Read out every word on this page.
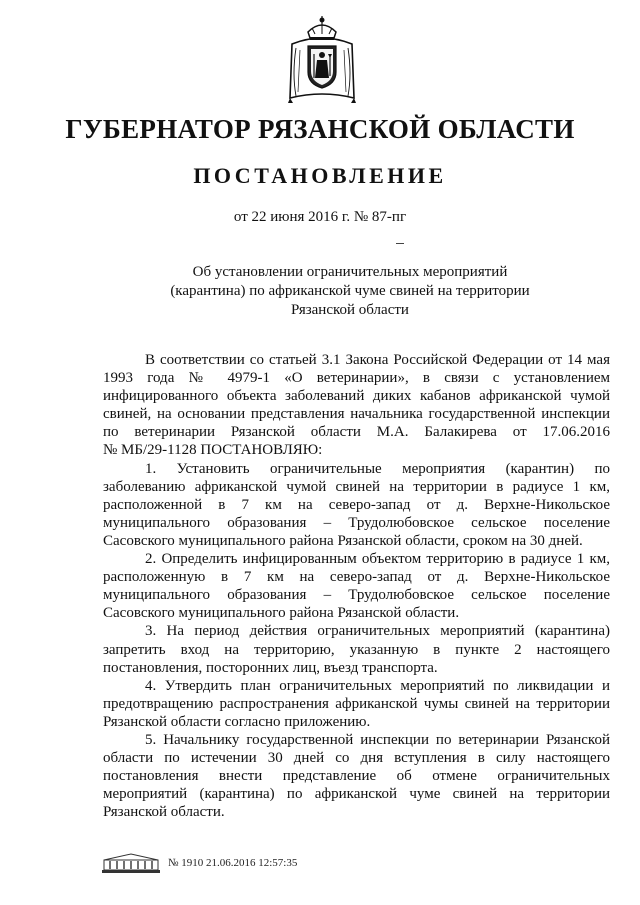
ГУБЕРНАТОР РЯЗАНСКОЙ ОБЛАСТИ
ПОСТАНОВЛЕНИЕ
от 22 июня 2016 г. № 87-пг
Об установлении ограничительных мероприятий
(карантина) по африканской чуме свиней на территории
Рязанской области
В соответствии со статьей 3.1 Закона Российской Федерации от 14 мая
1993 года № 4979-1 «О ветеринарии», в связи с установлением
инфицированного объекта заболеваний диких кабанов африканской чумой
свиней, на основании представления начальника государственной инспекции
по ветеринарии Рязанской области М.А. Балакирева от 17.06.2016
№ МБ/29-1128 ПОСТАНОВЛЯЮ:
1. Установить ограничительные мероприятия (карантин) по
заболеванию африканской чумой свиней на территории в радиусе 1 км,
расположенной в 7 км на северо-запад от д. Верхне-Никольское
муниципального образования – Трудолюбовское сельское поселение
Сасовского муниципального района Рязанской области, сроком на 30 дней.
2. Определить инфицированным объектом территорию в радиусе 1 км,
расположенную в 7 км на северо-запад от д. Верхне-Никольское
муниципального образования – Трудолюбовское сельское поселение
Сасовского муниципального района Рязанской области.
3. На период действия ограничительных мероприятий (карантина)
запретить вход на территорию, указанную в пункте 2 настоящего
постановления, посторонних лиц, въезд транспорта.
4. Утвердить план ограничительных мероприятий по ликвидации и
предотвращению распространения африканской чумы свиней на территории
Рязанской области согласно приложению.
5. Начальнику государственной инспекции по ветеринарии Рязанской
области по истечении 30 дней со дня вступления в силу настоящего
постановления внести представление об отмене ограничительных
мероприятий (карантина) по африканской чуме свиней на территории
Рязанской области.
№ 1910 21.06.2016 12:57:35
